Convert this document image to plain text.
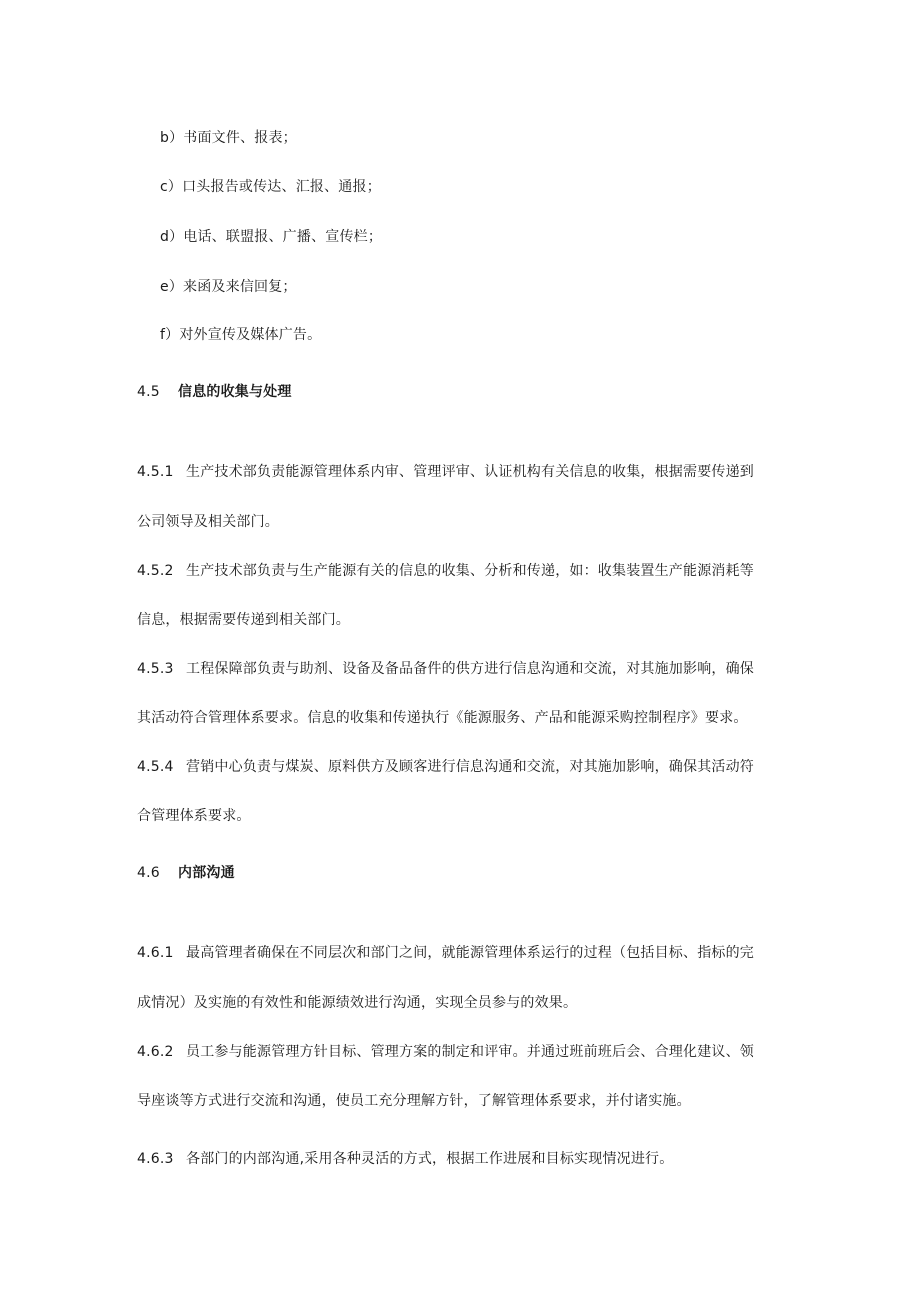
b）书面文件、报表；
c）口头报告或传达、汇报、通报；
d）电话、联盟报、广播、宣传栏；
e）来函及来信回复；
f）对外宣传及媒体广告。
4.5 信息的收集与处理
4.5.1 生产技术部负责能源管理体系内审、管理评审、认证机构有关信息的收集，根据需要传递到
公司领导及相关部门。
4.5.2 生产技术部负责与生产能源有关的信息的收集、分析和传递，如：收集装置生产能源消耗等
信息，根据需要传递到相关部门。
4.5.3 工程保障部负责与助剂、设备及备品备件的供方进行信息沟通和交流，对其施加影响，确保
其活动符合管理体系要求。信息的收集和传递执行《能源服务、产品和能源采购控制程序》要求。
4.5.4 营销中心负责与煤炭、原料供方及顾客进行信息沟通和交流，对其施加影响，确保其活动符
合管理体系要求。
4.6 内部沟通
4.6.1 最高管理者确保在不同层次和部门之间，就能源管理体系运行的过程（包括目标、指标的完
成情况）及实施的有效性和能源绩效进行沟通，实现全员参与的效果。
4.6.2 员工参与能源管理方针目标、管理方案的制定和评审。并通过班前班后会、合理化建议、领
导座谈等方式进行交流和沟通，使员工充分理解方针，了解管理体系要求，并付诸实施。
4.6.3 各部门的内部沟通,采用各种灵活的方式，根据工作进展和目标实现情况进行。
